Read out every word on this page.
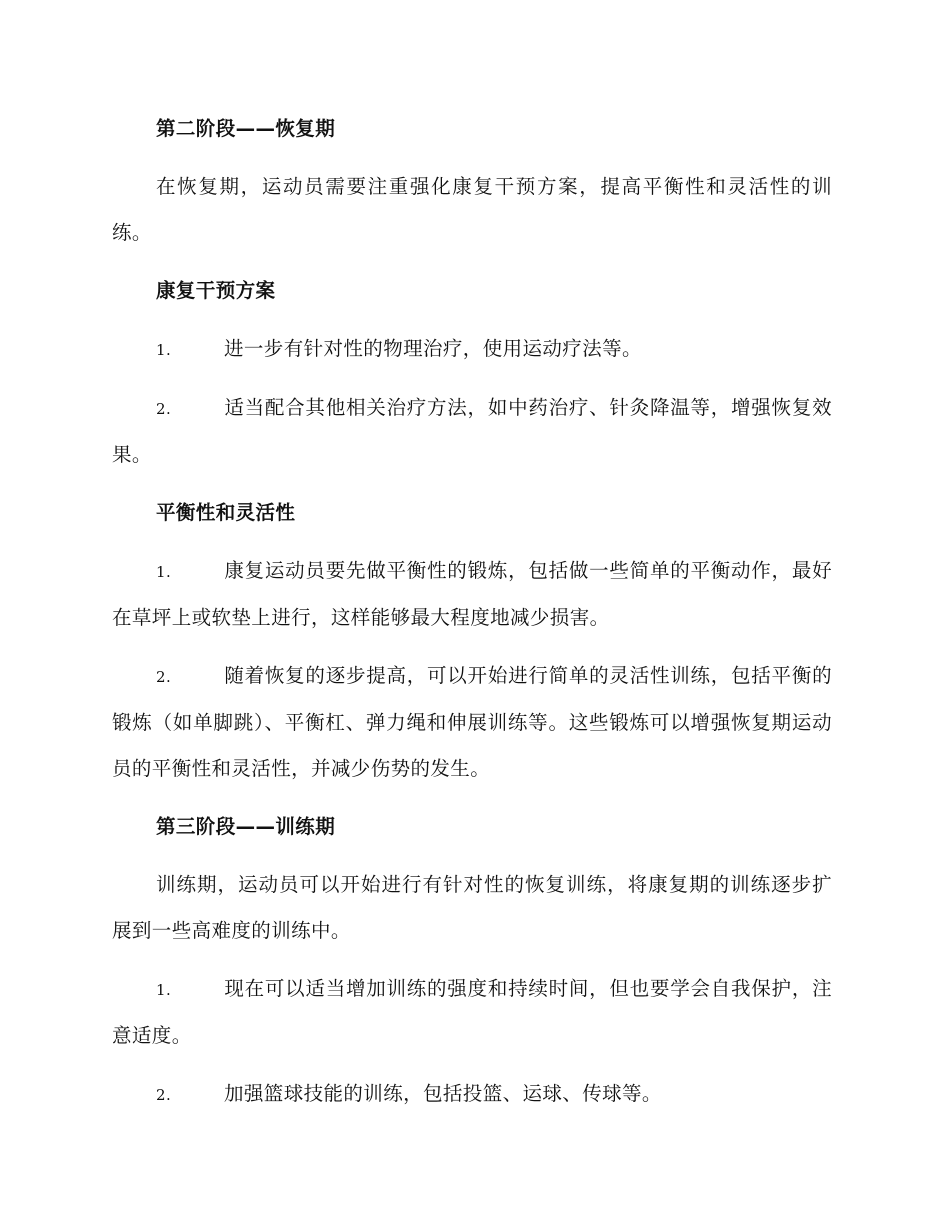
第二阶段——恢复期
在恢复期，运动员需要注重强化康复干预方案，提高平衡性和灵活性的训练。
康复干预方案
1.	进一步有针对性的物理治疗，使用运动疗法等。
2.	适当配合其他相关治疗方法，如中药治疗、针灸降温等，增强恢复效果。
平衡性和灵活性
1.	康复运动员要先做平衡性的锻炼，包括做一些简单的平衡动作，最好在草坪上或软垫上进行，这样能够最大程度地减少损害。
2.	随着恢复的逐步提高，可以开始进行简单的灵活性训练，包括平衡的锻炼（如单脚跳）、平衡杠、弹力绳和伸展训练等。这些锻炼可以增强恢复期运动员的平衡性和灵活性，并减少伤势的发生。
第三阶段——训练期
训练期，运动员可以开始进行有针对性的恢复训练，将康复期的训练逐步扩展到一些高难度的训练中。
1.	现在可以适当增加训练的强度和持续时间，但也要学会自我保护，注意适度。
2.	加强篮球技能的训练，包括投篮、运球、传球等。
